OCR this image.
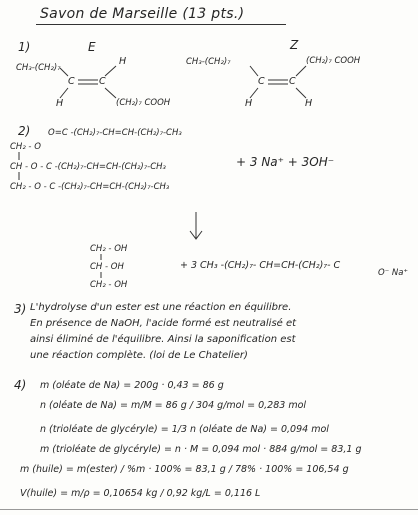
Savon de Marseille (13 pts.)
1)	E	Z
CH₃-(CH₂)₇
H
C	C
H	(CH₂)₇ COOH
CH₃-(CH₂)₇	(CH₂)₇ COOH
C	C
H	H
2) O=C -(CH₂)₇-CH=CH-(CH₂)₇-CH₃
CH₂ - O
CH - O - C -(CH₂)₇-CH=CH-(CH₂)₇-CH₃
CH₂ - O - C -(CH₂)₇-CH=CH-(CH₂)₇-CH₃
+ 3 Na⁺ + 3OH⁻
CH₂ - OH
CH - OH
CH₂ - OH
+ 3 CH₃ -(CH₂)₇- CH=CH-(CH₂)₇- C
O⁻ Na⁺
3) L'hydrolyse d'un ester est une réaction en équilibre.
En présence de NaOH, l'acide formé est neutralisé et
ainsi éliminé de l'équilibre. Ainsi la saponification est
une réaction complète. (loi de Le Chatelier)
4) m (oléate de Na) = 200g · 0,43 = 86 g
n (oléate de Na) = m/M = 86 g / 304 g/mol = 0,283 mol
n (trioléate de glycéryle) = 1/3 n (oléate de Na) = 0,094 mol
m (trioléate de glycéryle) = n · M = 0,094 mol · 884 g/mol = 83,1 g
m (huile) = m(ester) / %m · 100% = 83,1 g / 78% · 100% = 106,54 g
V(huile) = m/ρ = 0,10654 kg / 0,92 kg/L = 0,116 L
